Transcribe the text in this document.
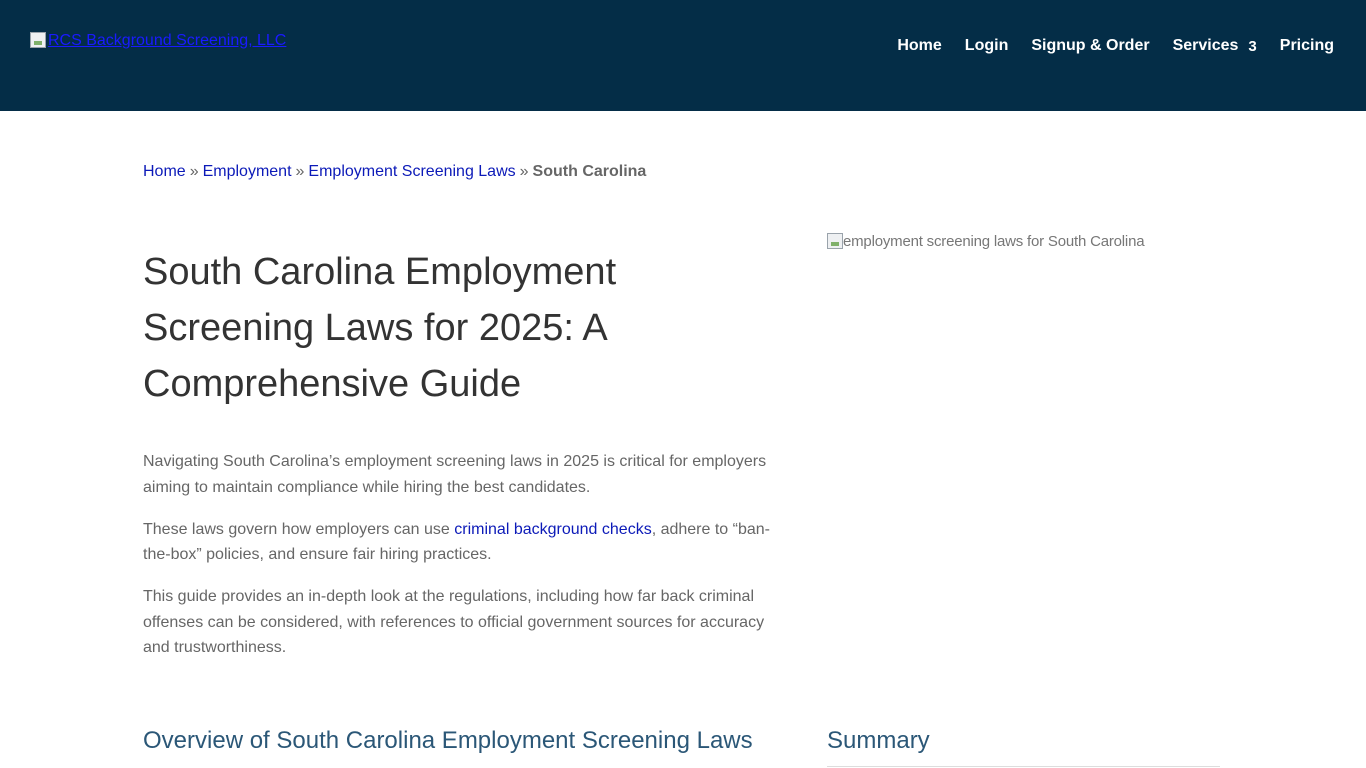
RCS Background Screening, LLC	Home Login Signup & Order Services 3 Pricing
Home » Employment » Employment Screening Laws » South Carolina
South Carolina Employment Screening Laws for 2025: A Comprehensive Guide

Navigating South Carolina’s employment screening laws in 2025 is critical for employers aiming to maintain compliance while hiring the best candidates.

These laws govern how employers can use criminal background checks, adhere to “ban-the-box” policies, and ensure fair hiring practices.

This guide provides an in-depth look at the regulations, including how far back criminal offenses can be considered, with references to official government sources for accuracy and trustworthiness.

employment screening laws for South Carolina
Overview of South Carolina Employment Screening Laws	Summary
